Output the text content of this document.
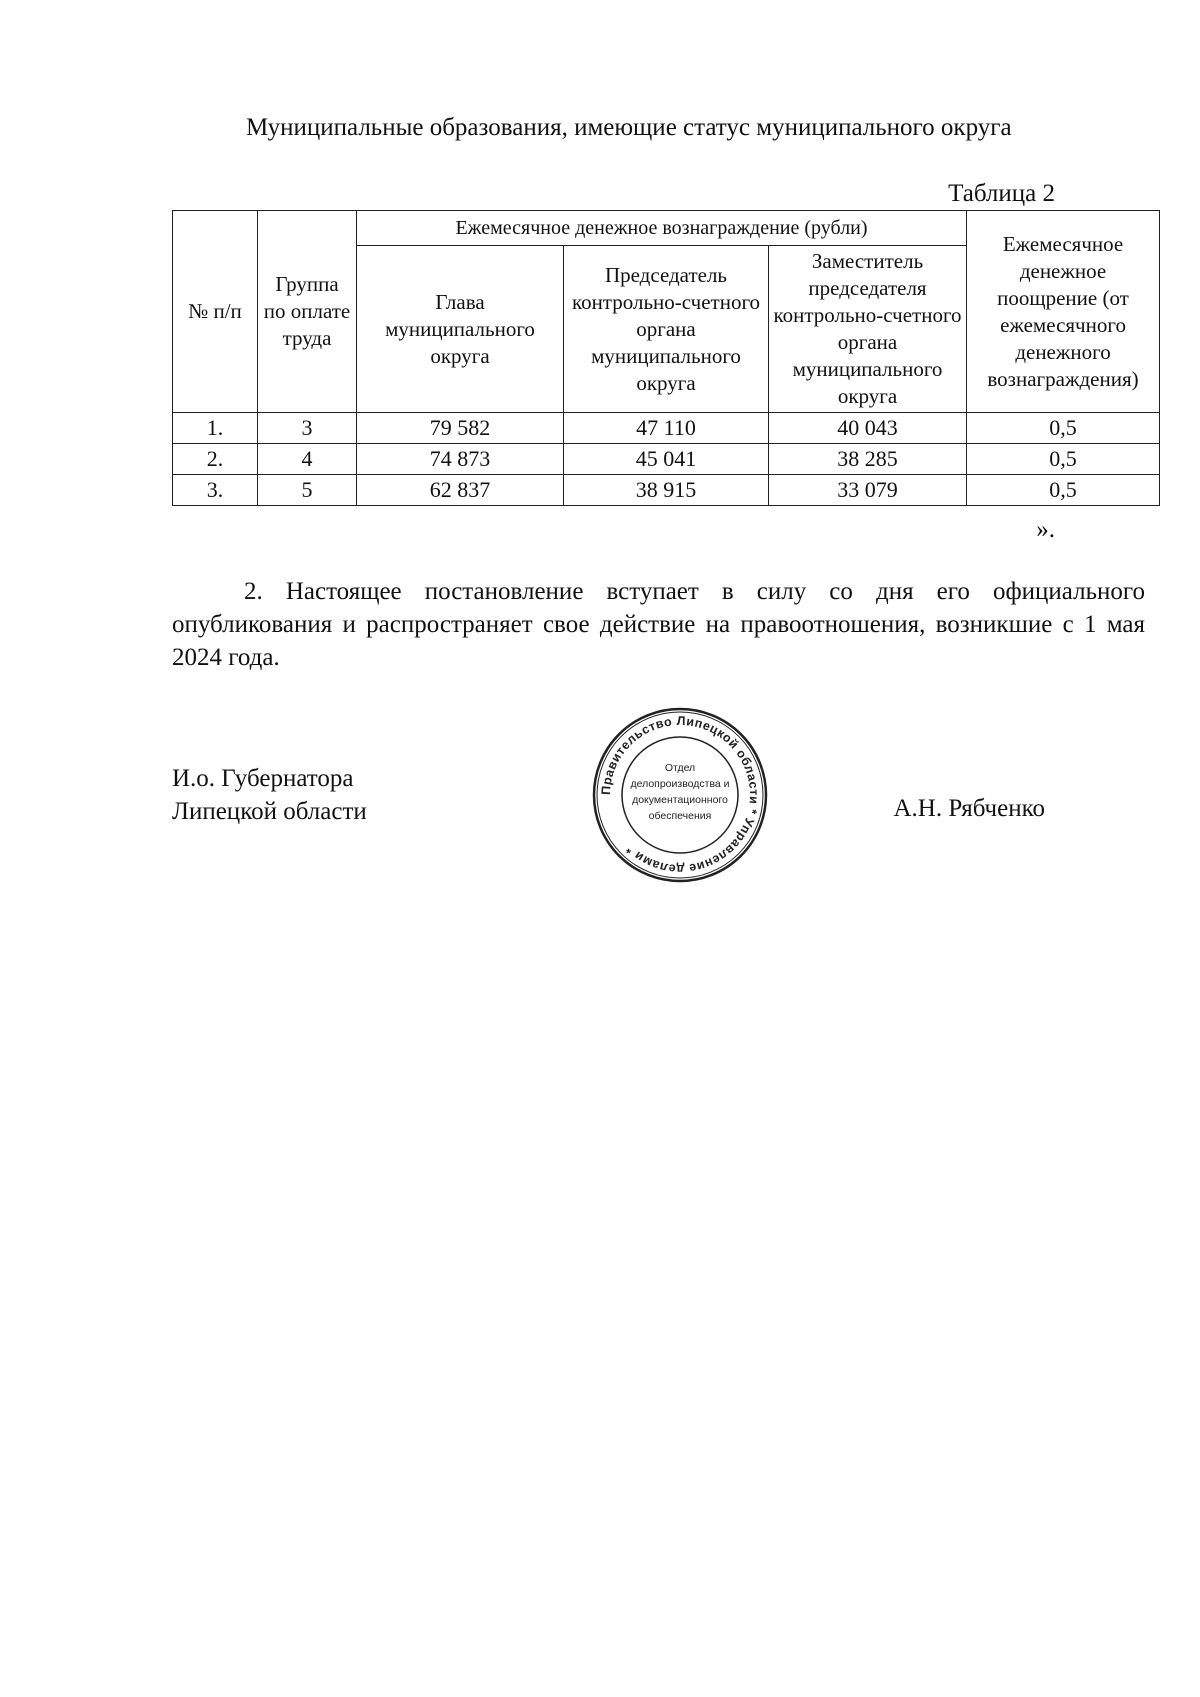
Муниципальные образования, имеющие статус муниципального округа
Таблица 2
№ п/п	Группа по оплате труда	Ежемесячное денежное вознаграждение (рубли)			Ежемесячное денежное поощрение (от ежемесячного денежного вознаграждения)
		Глава муниципального округа	Председатель контрольно-счетного органа муниципального округа	Заместитель председателя контрольно-счетного органа муниципального округа	
1.	3	79 582	47 110	40 043	0,5
2.	4	74 873	45 041	38 285	0,5
3.	5	62 837	38 915	33 079	0,5
».
2. Настоящее постановление вступает в силу со дня его официального опубликования и распространяет свое действие на правоотношения, возникшие с 1 мая 2024 года.
И.о. Губернатора
Липецкой области
Правительство Липецкой области * Управление делами *
Отдел
делопроизводства и
документационного
обеспечения	А.Н. Рябченко
